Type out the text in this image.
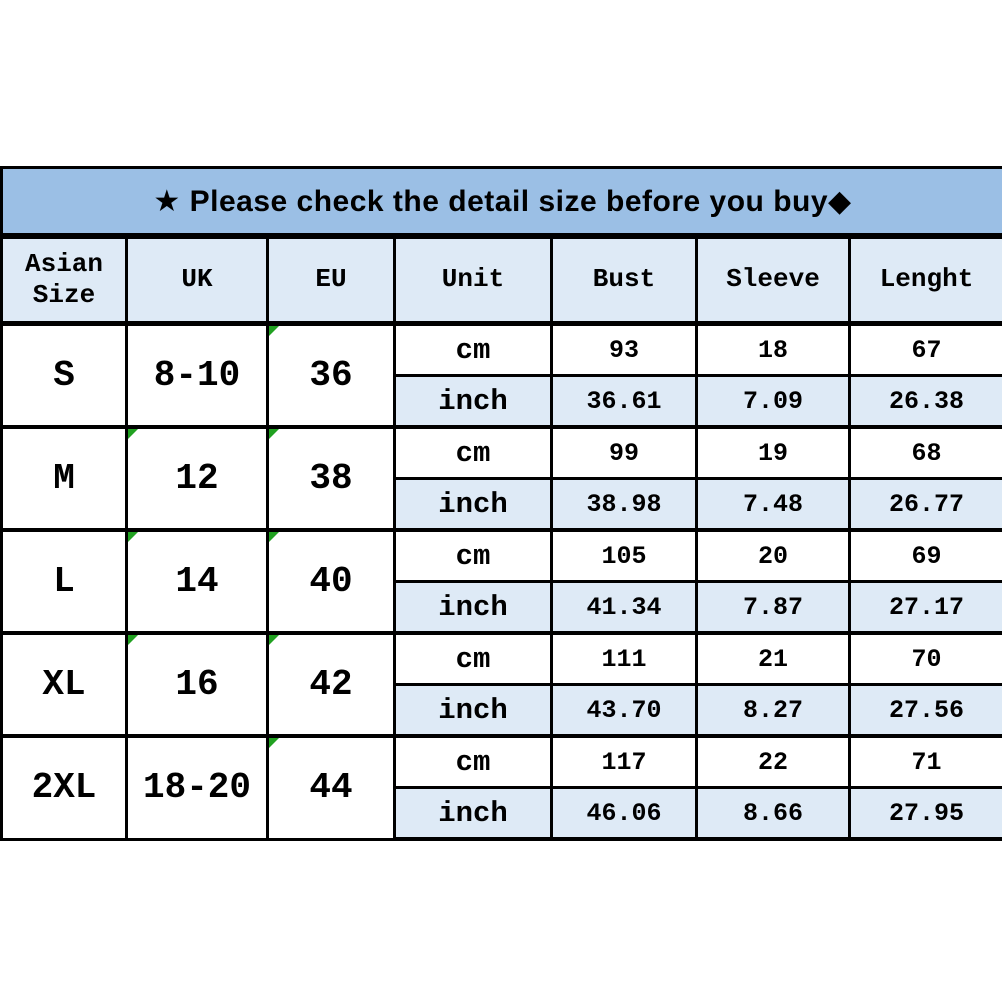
★ Please check the detail size before you buy◆						
Asian Size	UK	EU	Unit	Bust	Sleeve	Lenght
S	8-10	36	cm	93	18	67
			inch	36.61	7.09	26.38
M	12	38	cm	99	19	68
			inch	38.98	7.48	26.77
L	14	40	cm	105	20	69
			inch	41.34	7.87	27.17
XL	16	42	cm	111	21	70
			inch	43.70	8.27	27.56
2XL	18-20	44	cm	117	22	71
			inch	46.06	8.66	27.95
